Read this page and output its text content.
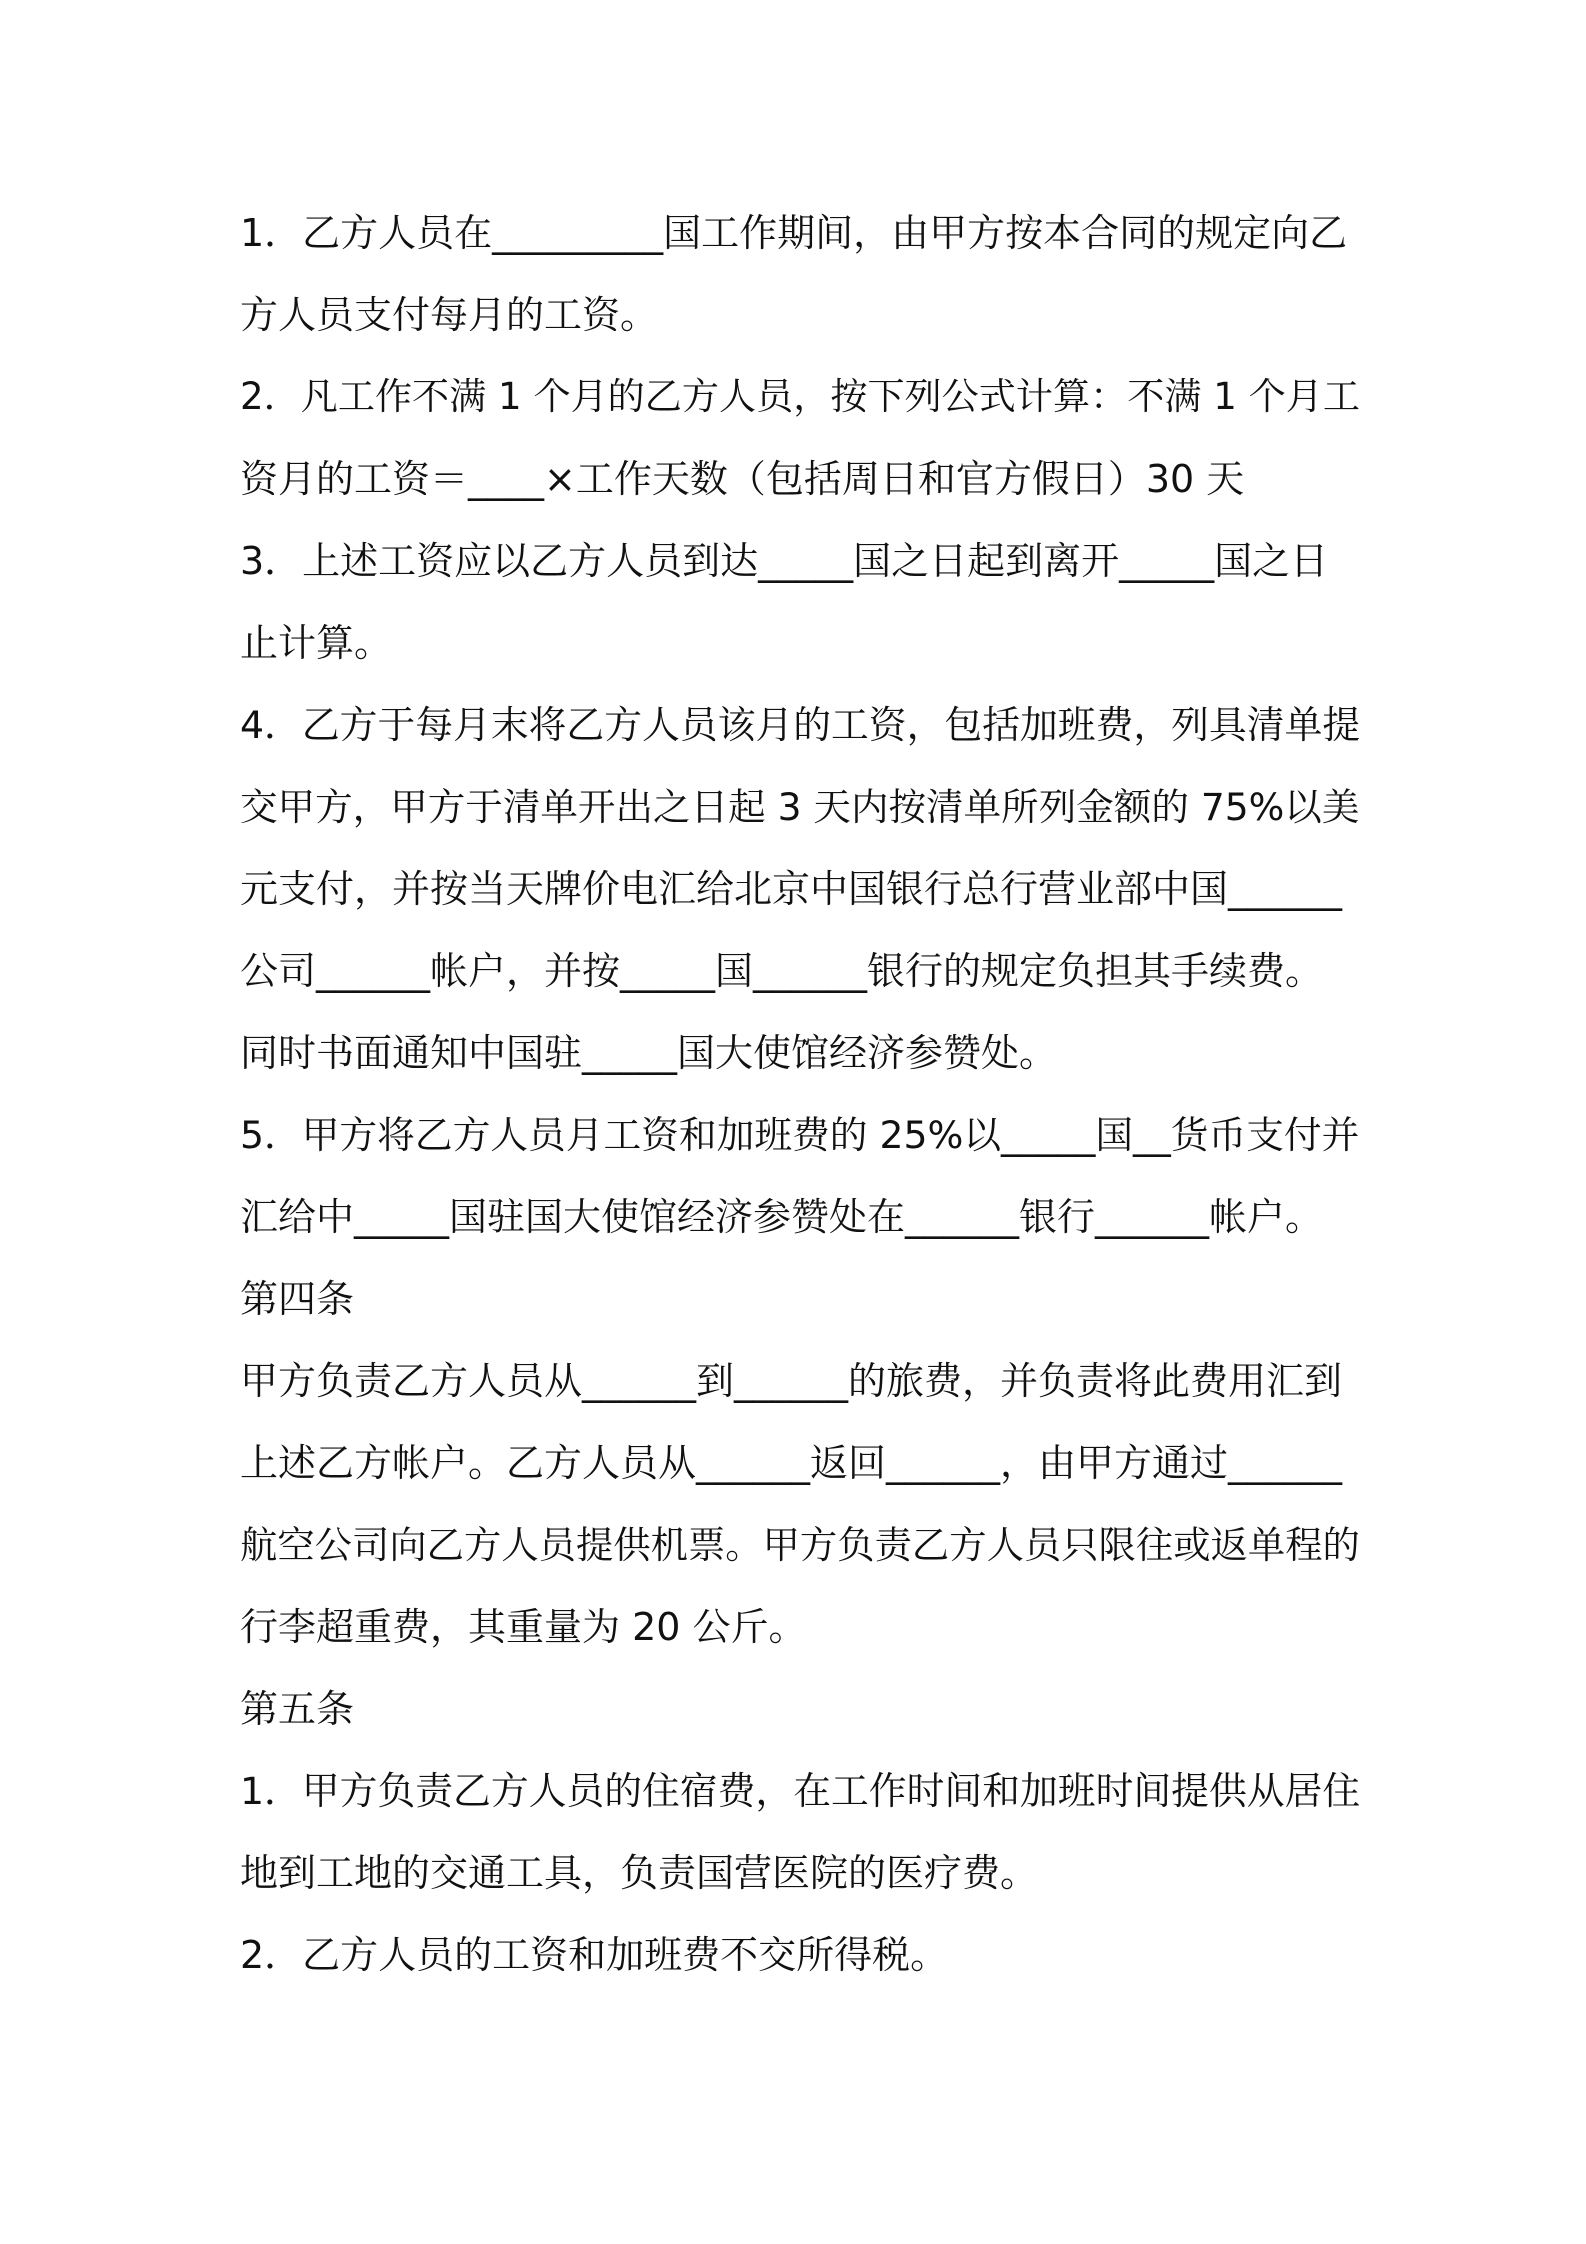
1．乙方人员在_________国工作期间，由甲方按本合同的规定向乙
方人员支付每月的工资。
2．凡工作不满 1 个月的乙方人员，按下列公式计算：不满 1 个月工
资月的工资＝____×工作天数（包括周日和官方假日）30 天
3．上述工资应以乙方人员到达_____国之日起到离开_____国之日
止计算。
4．乙方于每月末将乙方人员该月的工资，包括加班费，列具清单提
交甲方，甲方于清单开出之日起 3 天内按清单所列金额的 75%以美
元支付，并按当天牌价电汇给北京中国银行总行营业部中国______
公司______帐户，并按_____国______银行的规定负担其手续费。
同时书面通知中国驻_____国大使馆经济参赞处。
5．甲方将乙方人员月工资和加班费的 25%以_____国__货币支付并
汇给中_____国驻国大使馆经济参赞处在______银行______帐户。
第四条
甲方负责乙方人员从______到______的旅费，并负责将此费用汇到
上述乙方帐户。乙方人员从______返回______，由甲方通过______
航空公司向乙方人员提供机票。甲方负责乙方人员只限往或返单程的
行李超重费，其重量为 20 公斤。
第五条
1．甲方负责乙方人员的住宿费，在工作时间和加班时间提供从居住
地到工地的交通工具，负责国营医院的医疗费。
2．乙方人员的工资和加班费不交所得税。
